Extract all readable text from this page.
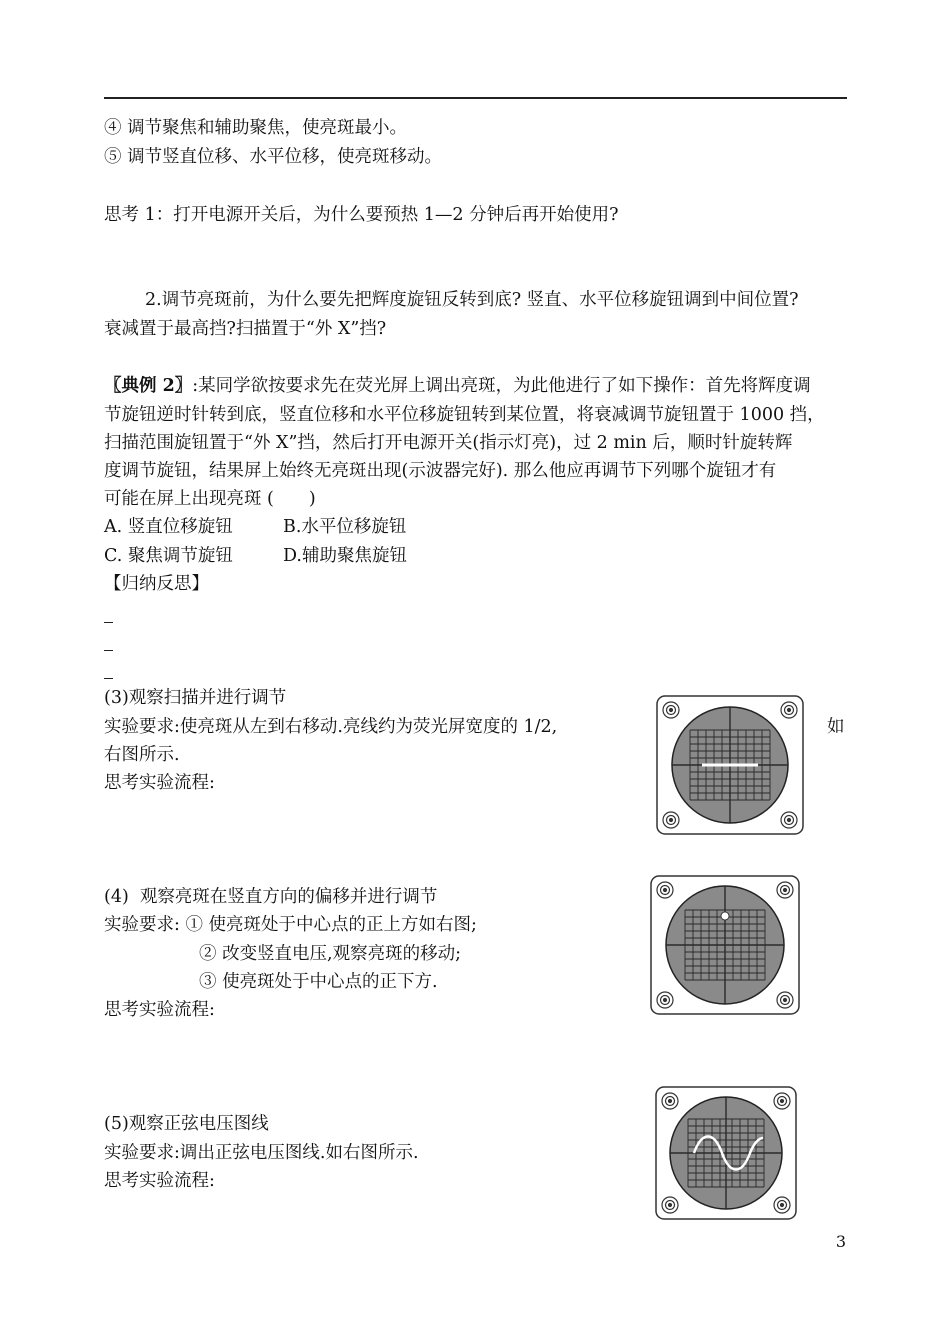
④ 调节聚焦和辅助聚焦，使亮斑最小。
⑤ 调节竖直位移、水平位移，使亮斑移动。
思考 1：打开电源开关后，为什么要预热 1—2 分钟后再开始使用?
2.调节亮斑前，为什么要先把辉度旋钮反转到底? 竖直、水平位移旋钮调到中间位置?
衰减置于最高挡?扫描置于“外 X”挡?
〖典例 2〗:某同学欲按要求先在荧光屏上调出亮斑，为此他进行了如下操作：首先将辉度调
节旋钮逆时针转到底，竖直位移和水平位移旋钮转到某位置，将衰减调节旋钮置于 1000 挡，
扫描范围旋钮置于“外 X”挡，然后打开电源开关(指示灯亮)，过 2 min 后，顺时针旋转辉
度调节旋钮，结果屏上始终无亮斑出现(示波器完好). 那么他应再调节下列哪个旋钮才有
可能在屏上出现亮斑 (　　)
A. 竖直位移旋钮	B.水平位移旋钮
C. 聚焦调节旋钮	D.辅助聚焦旋钮
【归纳反思】
(3)观察扫描并进行调节
实验要求:使亮斑从左到右移动.亮线约为荧光屏宽度的 1/2,	如
右图所示.
思考实验流程:
(4)  观察亮斑在竖直方向的偏移并进行调节
实验要求: ① 使亮斑处于中心点的正上方如右图;
② 改变竖直电压,观察亮斑的移动;
③ 使亮斑处于中心点的正下方.
思考实验流程:
(5)观察正弦电压图线
实验要求:调出正弦电压图线.如右图所示.
思考实验流程:
3
